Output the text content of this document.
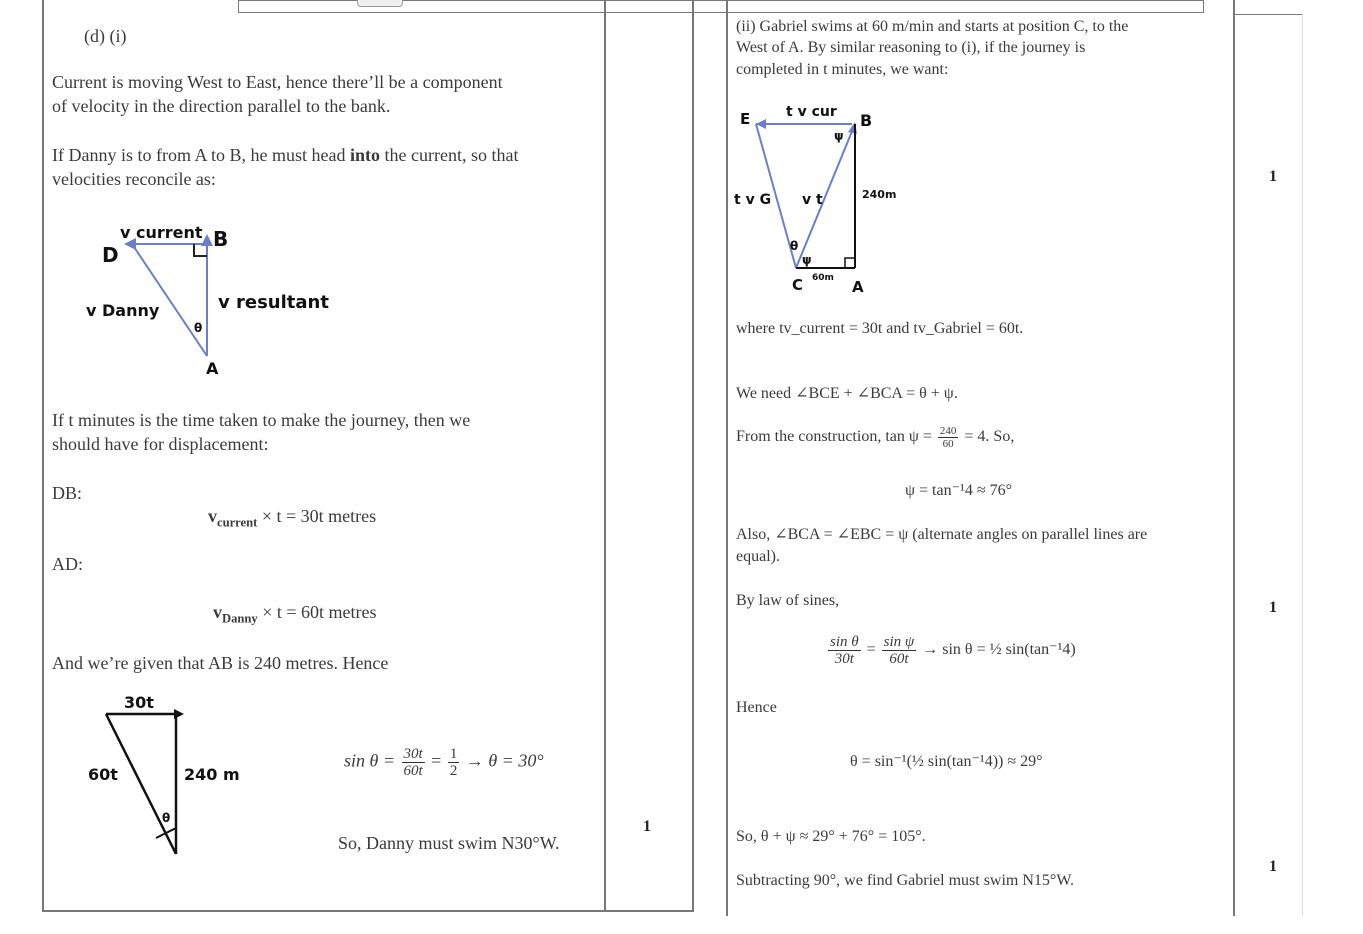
(d) (i)
Current is moving West to East, hence there’ll be a component
of velocity in the direction parallel to the bank.
If Danny is to from A to B, he must head into the current, so that
velocities reconcile as:
D
B
A
θ
v current
v Danny	v resultant
If t minutes is the time taken to make the journey, then we
should have for displacement:
DB:
$v_{current} \times t = 30t$ metres
AD:
$v_{Danny} \times t = 60t$ metres
And we’re given that AB is 240 metres. Hence
30t
60t	240 m
θ
$\sin \theta = \frac{30t}{60t} = \frac{1}{2} \to \theta = 30^\circ$
So, Danny must swim N30°W.
1
(ii) Gabriel swims at 60 m/min and starts at position C, to the
West of A. By similar reasoning to (i), if the journey is
completed in t minutes, we want:
E	B
C	A
t v cur
t v G v t	240m
60m
ψ
ψ
θ
where tv_current = 30t and tv_Gabriel = 60t.
We need ∠BCE + ∠BCA = θ + ψ.
From the construction, $\tan \psi = \frac{240}{60} = 4$. So,
ψ = tan⁻¹4 ≈ 76°
Also, ∠BCA = ∠EBC = ψ (alternate angles on parallel lines are
equal).
By law of sines,
$\frac{\text{sin θ}}{30t} = \frac{\text{sin ψ}}{60t} \to \sin \theta$ = ½ sin(tan⁻¹4)
Hence
θ = sin⁻¹(½ sin(tan⁻¹4)) ≈ 29°
So, θ + ψ ≈ 29° + 76° = 105°.
Subtracting 90°, we find Gabriel must swim N15°W.
1
1
1
